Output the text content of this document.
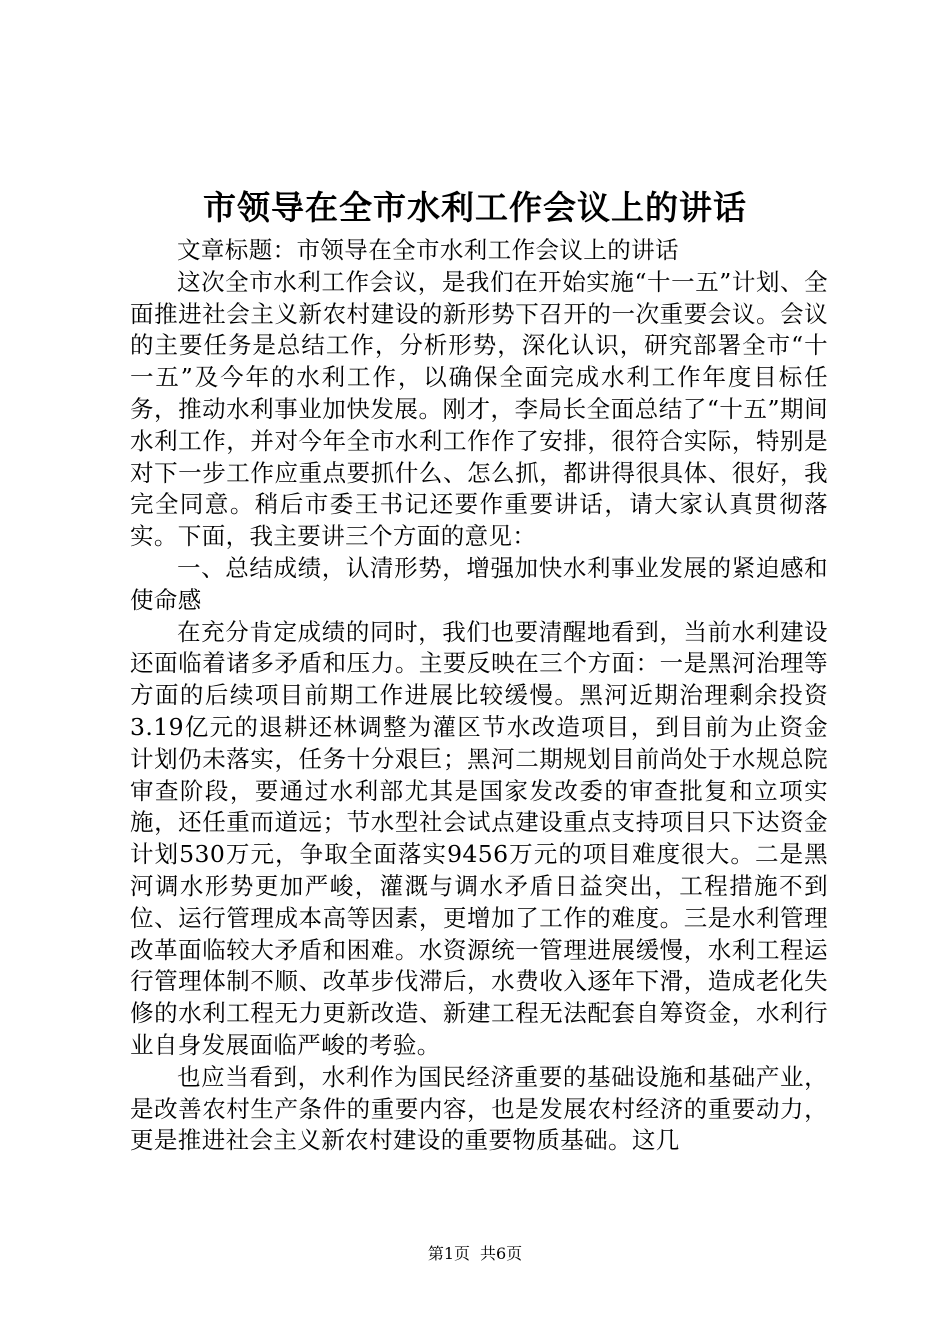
市领导在全市水利工作会议上的讲话

文章标题：市领导在全市水利工作会议上的讲话

这次全市水利工作会议，是我们在开始实施“十一五”计划、全面推进社会主义新农村建设的新形势下召开的一次重要会议。会议的主要任务是总结工作，分析形势，深化认识，研究部署全市“十一五”及今年的水利工作，以确保全面完成水利工作年度目标任务，推动水利事业加快发展。刚才，李局长全面总结了“十五”期间水利工作，并对今年全市水利工作作了安排，很符合实际，特别是对下一步工作应重点要抓什么、怎么抓，都讲得很具体、很好，我完全同意。稍后市委王书记还要作重要讲话，请大家认真贯彻落实。下面，我主要讲三个方面的意见：

一、总结成绩，认清形势，增强加快水利事业发展的紧迫感和使命感

在充分肯定成绩的同时，我们也要清醒地看到，当前水利建设还面临着诸多矛盾和压力。主要反映在三个方面：一是黑河治理等方面的后续项目前期工作进展比较缓慢。黑河近期治理剩余投资3.19亿元的退耕还林调整为灌区节水改造项目，到目前为止资金计划仍未落实，任务十分艰巨；黑河二期规划目前尚处于水规总院审查阶段，要通过水利部尤其是国家发改委的审查批复和立项实施，还任重而道远；节水型社会试点建设重点支持项目只下达资金计划530万元，争取全面落实9456万元的项目难度很大。二是黑河调水形势更加严峻，灌溉与调水矛盾日益突出，工程措施不到位、运行管理成本高等因素，更增加了工作的难度。三是水利管理改革面临较大矛盾和困难。水资源统一管理进展缓慢，水利工程运行管理体制不顺、改革步伐滞后，水费收入逐年下滑，造成老化失修的水利工程无力更新改造、新建工程无法配套自筹资金，水利行业自身发展面临严峻的考验。

也应当看到，水利作为国民经济重要的基础设施和基础产业，是改善农村生产条件的重要内容，也是发展农村经济的重要动力，更是推进社会主义新农村建设的重要物质基础。这几

第1页 共6页
